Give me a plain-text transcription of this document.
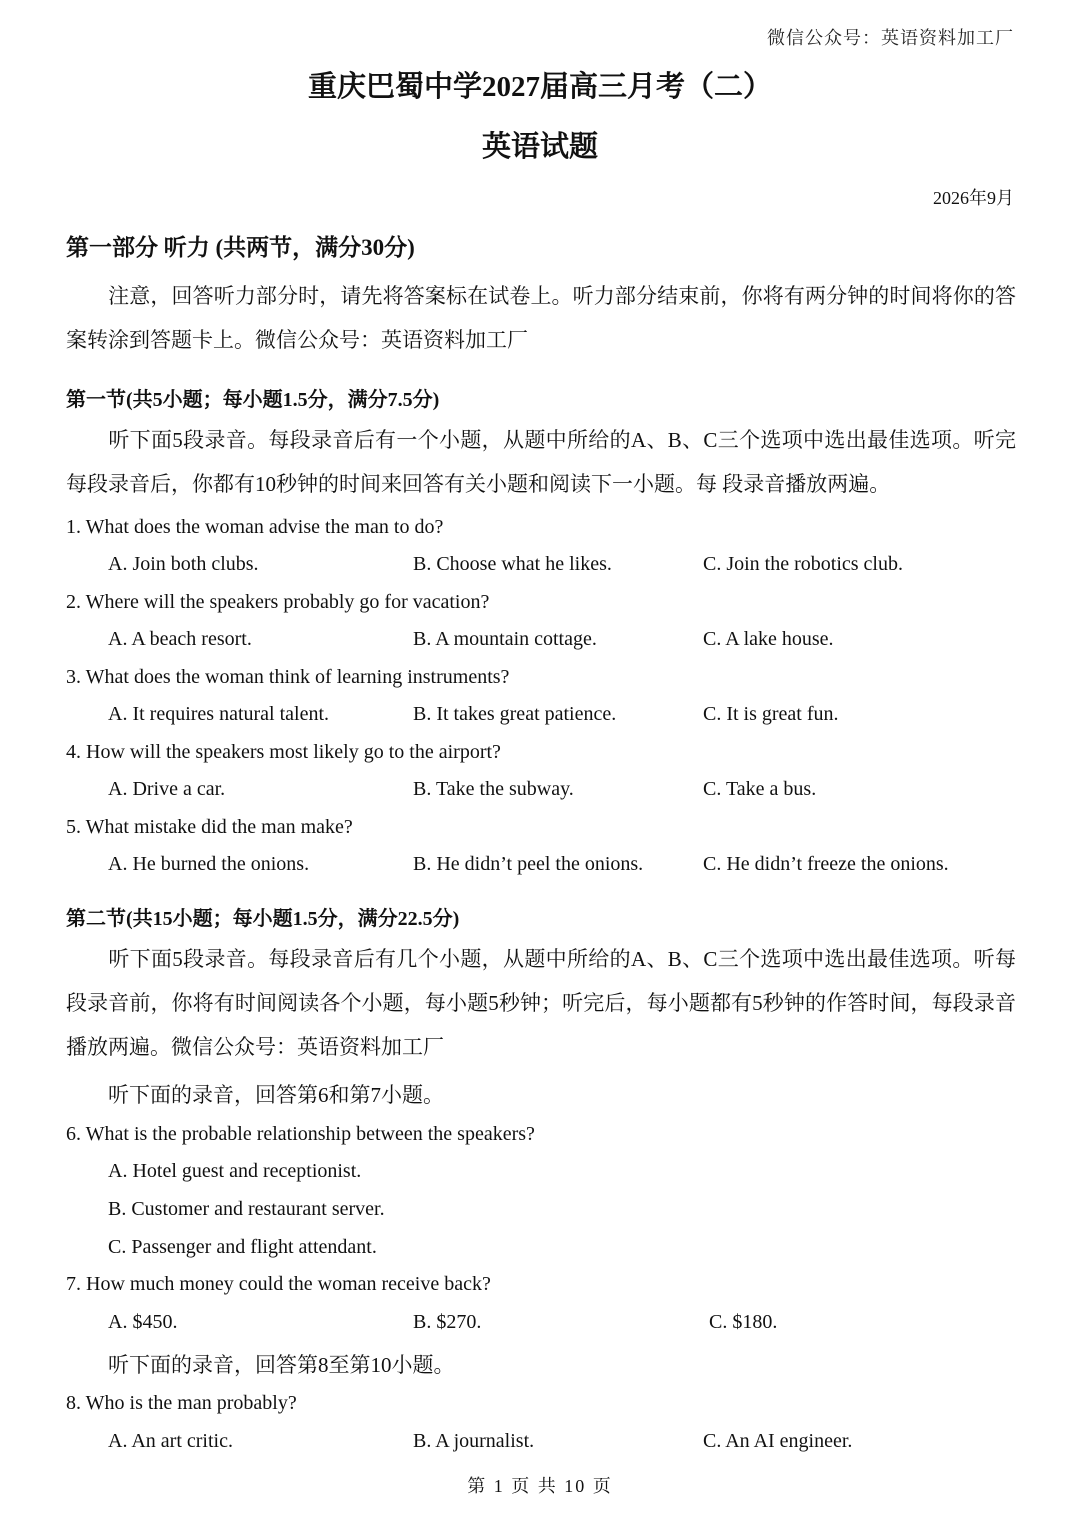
微信公众号：英语资料加工厂
重庆巴蜀中学2027届高三月考（二）
英语试题
2026年9月
第一部分 听力 (共两节，满分30分)
注意，回答听力部分时，请先将答案标在试卷上。听力部分结束前，你将有两分钟的时间将你的答案转涂到答题卡上。微信公众号：英语资料加工厂
第一节(共5小题；每小题1.5分，满分7.5分)
听下面5段录音。每段录音后有一个小题，从题中所给的A、B、C三个选项中选出最佳选项。听完每段录音后，你都有10秒钟的时间来回答有关小题和阅读下一小题。每 段录音播放两遍。
1. What does the woman advise the man to do?
A. Join both clubs.	B. Choose what he likes.	C. Join the robotics club.
2. Where will the speakers probably go for vacation?
A. A beach resort.	B. A mountain cottage.	C. A lake house.
3. What does the woman think of learning instruments?
A. It requires natural talent.	B. It takes great patience.	C. It is great fun.
4. How will the speakers most likely go to the airport?
A. Drive a car.	B. Take the subway.	C. Take a bus.
5. What mistake did the man make?
A. He burned the onions.	B. He didn’t peel the onions.	C. He didn’t freeze the onions.
第二节(共15小题；每小题1.5分，满分22.5分)
听下面5段录音。每段录音后有几个小题，从题中所给的A、B、C三个选项中选出最佳选项。听每段录音前，你将有时间阅读各个小题，每小题5秒钟；听完后，每小题都有5秒钟的作答时间，每段录音播放两遍。微信公众号：英语资料加工厂
听下面的录音，回答第6和第7小题。
6. What is the probable relationship between the speakers?
A. Hotel guest and receptionist.
B. Customer and restaurant server.
C. Passenger and flight attendant.
7. How much money could the woman receive back?
A. $450.	B. $270.	C. $180.
听下面的录音，回答第8至第10小题。
8. Who is the man probably?
A. An art critic.	B. A journalist.	C. An AI engineer.
第 1 页 共 10 页
